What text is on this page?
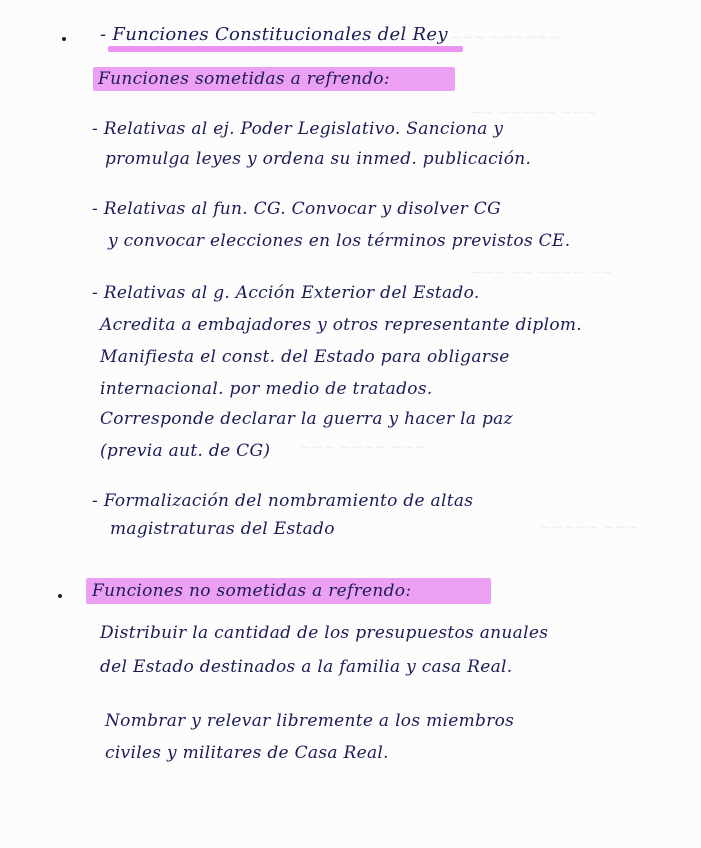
~~~ ~~~~~~
~~ ~~~~~ ~~~
~~~ ~~ ~~~~ ~~
~~~ ~~~~ ~~~
~~~~~ ~~~
- Funciones Constitucionales del Rey
Funciones sometidas a refrendo:
- Relativas al ej. Poder Legislativo. Sanciona y
promulga leyes y ordena su inmed. publicación.
- Relativas al fun. CG. Convocar y disolver CG
y convocar elecciones en los términos previstos CE.
- Relativas al g. Acción Exterior del Estado.
Acredita a embajadores y otros representante diplom.
Manifiesta el const. del Estado para obligarse
internacional. por medio de tratados.
Corresponde declarar la guerra y hacer la paz
(previa aut. de CG)
- Formalización del nombramiento de altas
magistraturas del Estado
Funciones no sometidas a refrendo:
Distribuir la cantidad de los presupuestos anuales
del Estado destinados a la familia y casa Real.
Nombrar y relevar libremente a los miembros
civiles y militares de Casa Real.
